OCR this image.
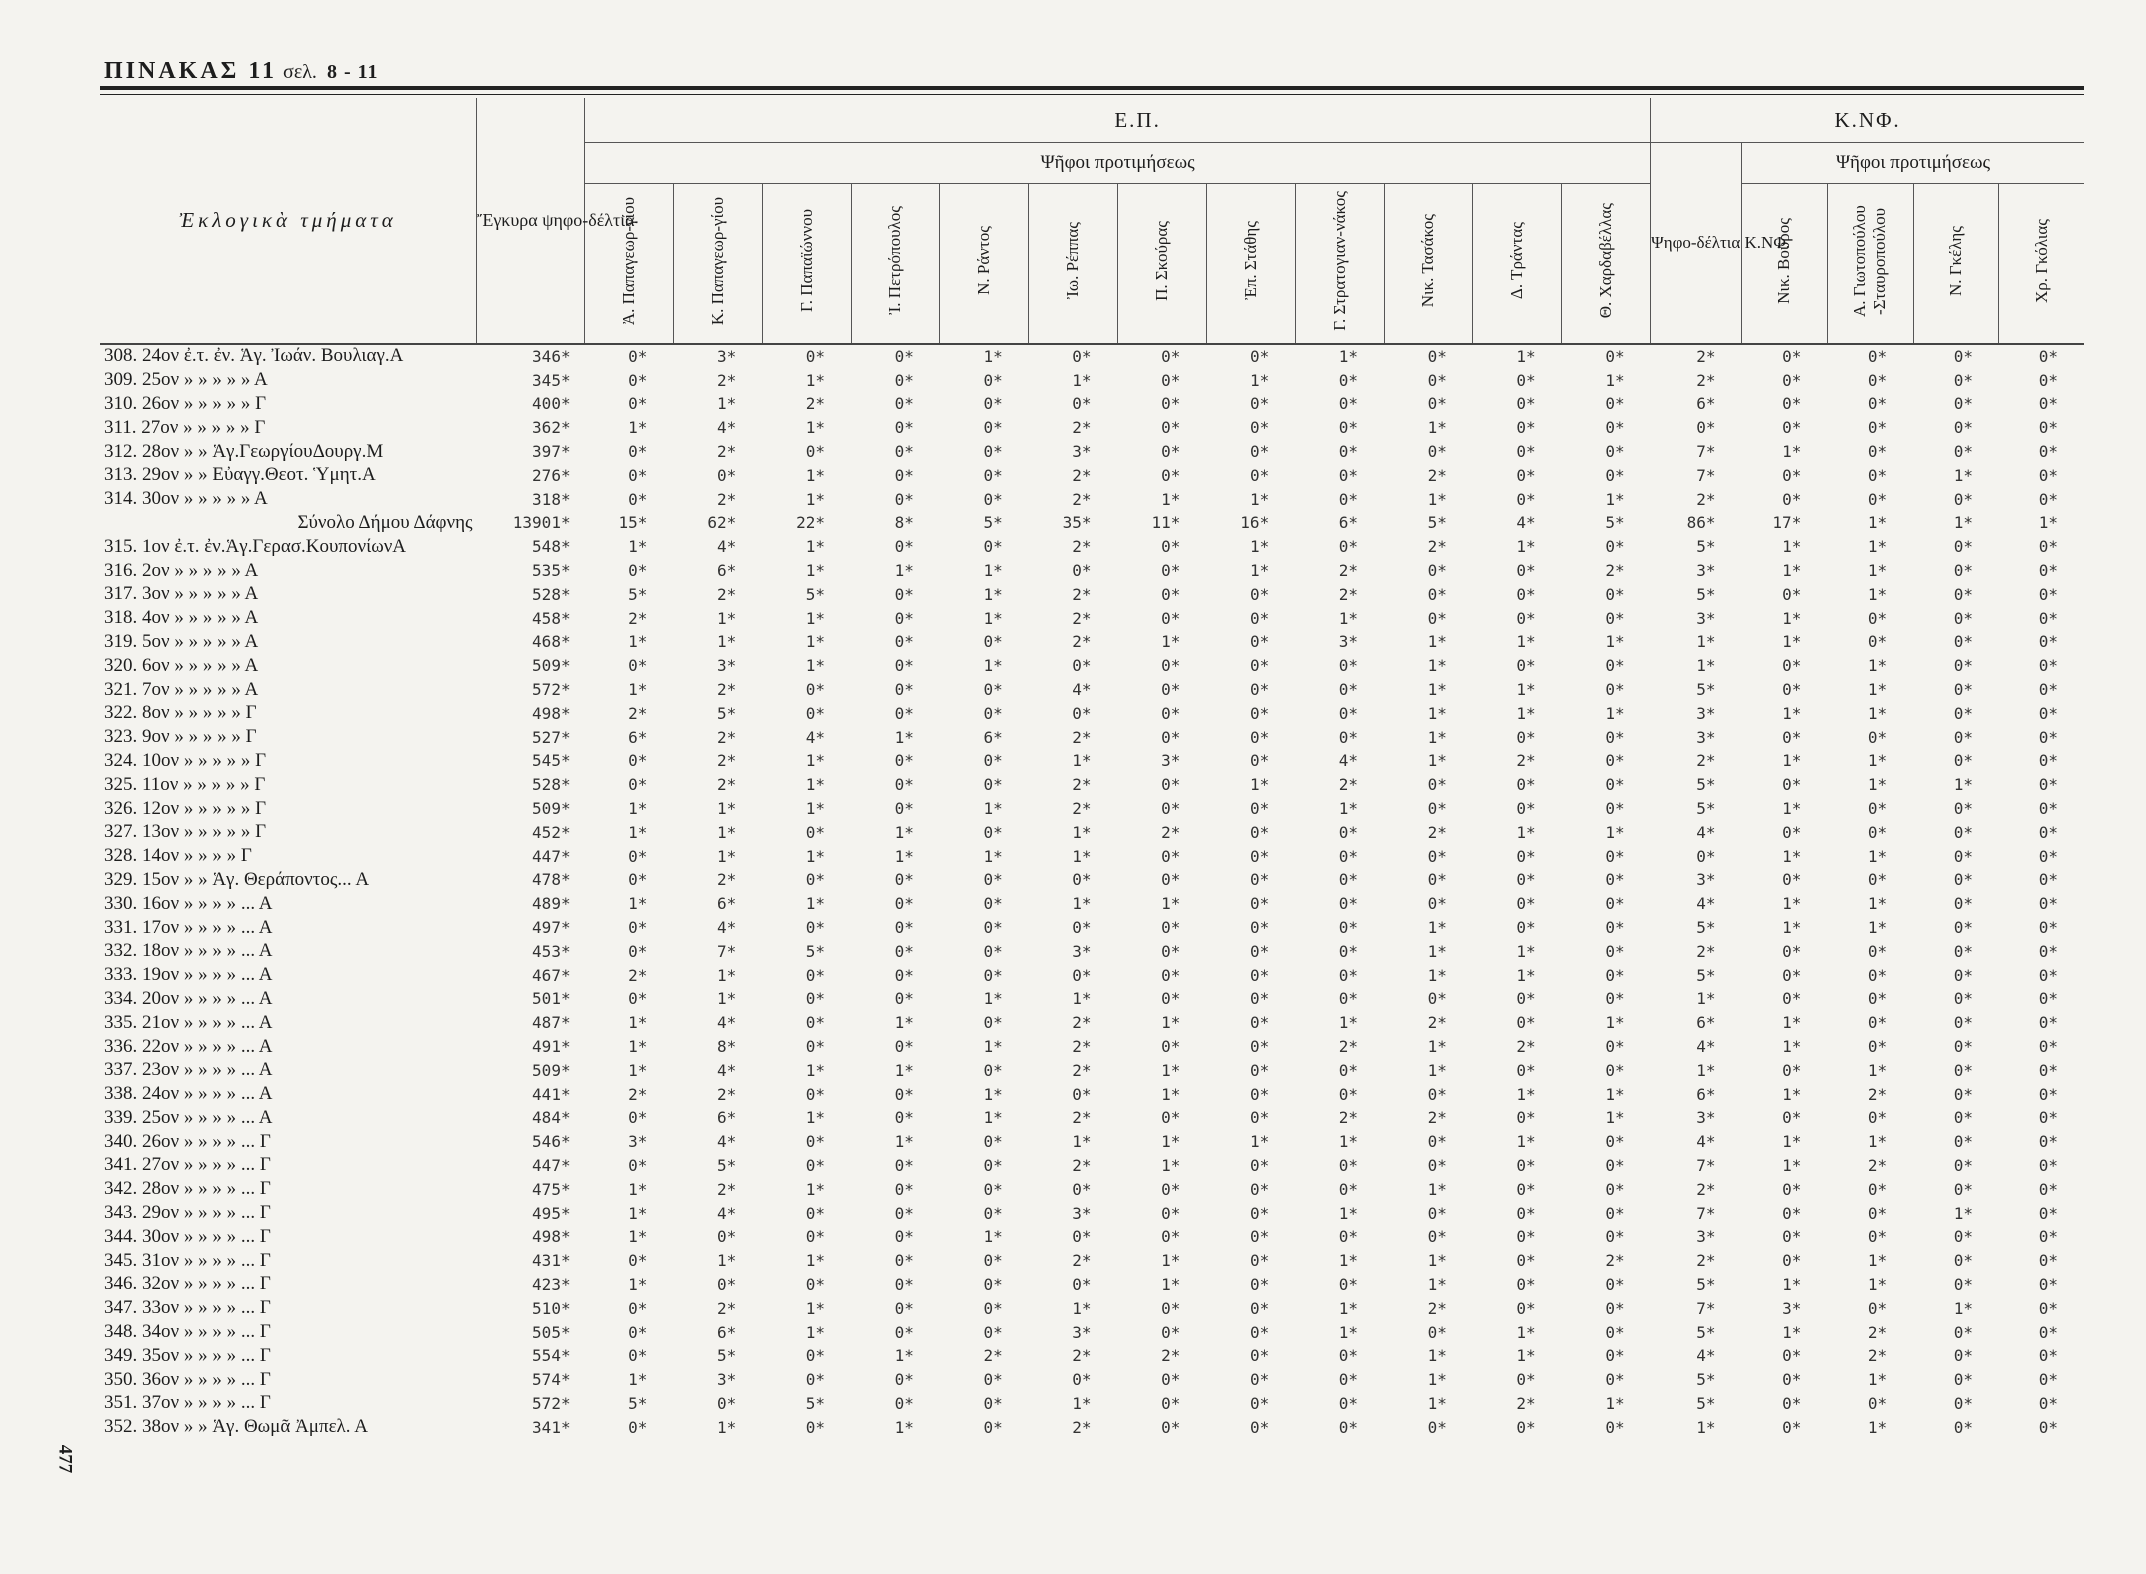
ΠΙΝΑΚΑΣ 11 σελ. 8 - 11
Ἐκλογικὰ τμήματα	Ἔγκυρα ψηφο-δέλτια	Ε.Π.												Κ.ΝΦ.				
		Ψῆφοι προτιμήσεως												Ψηφο-δέλτια Κ.ΝΦ.	Ψῆφοι προτιμήσεως			
		Ἀ. Παπαγεωρ-γίου	Κ. Παπαγεωρ-γίου	Γ. Παπαϊώννου	Ἰ. Πετρόπουλος	Ν. Ράντος	Ἰω. Ρέππας	Π. Σκούρας	Ἐπ. Στάθης	Γ. Στρατογιαν-νάκος	Νικ. Τασάκος	Δ. Τράντας	Θ. Χαρδαβέλλας		Νικ. Βοῦρος	Α. Γιωτοπούλου -Σταυροπούλου	Ν. Γκέλης	Χρ. Γκόλιας
308. 24ον ἐ.τ. ἐν. Ἁγ. Ἰωάν. Βουλιαγ.Α	346*	0*	3*	0*	0*	1*	0*	0*	0*	1*	0*	1*	0*	2*	0*	0*	0*	0*
309. 25ον » » » » » Α	345*	0*	2*	1*	0*	0*	1*	0*	1*	0*	0*	0*	1*	2*	0*	0*	0*	0*
310. 26ον » » » » » Γ	400*	0*	1*	2*	0*	0*	0*	0*	0*	0*	0*	0*	0*	6*	0*	0*	0*	0*
311. 27ον » » » » » Γ	362*	1*	4*	1*	0*	0*	2*	0*	0*	0*	1*	0*	0*	0*	0*	0*	0*	0*
312. 28ον » » Ἁγ.ΓεωργίουΔουργ.Μ	397*	0*	2*	0*	0*	0*	3*	0*	0*	0*	0*	0*	0*	7*	1*	0*	0*	0*
313. 29ον » » Εὐαγγ.Θεοτ. Ὑμητ.Α	276*	0*	0*	1*	0*	0*	2*	0*	0*	0*	2*	0*	0*	7*	0*	0*	1*	0*
314. 30ον » » » » » Α	318*	0*	2*	1*	0*	0*	2*	1*	1*	0*	1*	0*	1*	2*	0*	0*	0*	0*
Σύνολο Δήμου Δάφνης	13901*	15*	62*	22*	8*	5*	35*	11*	16*	6*	5*	4*	5*	86*	17*	1*	1*	1*
315. 1ον ἐ.τ. ἐν.Ἁγ.Γερασ.ΚουπονίωνΑ	548*	1*	4*	1*	0*	0*	2*	0*	1*	0*	2*	1*	0*	5*	1*	1*	0*	0*
316. 2ον » » » » » Α	535*	0*	6*	1*	1*	1*	0*	0*	1*	2*	0*	0*	2*	3*	1*	1*	0*	0*
317. 3ον » » » » » Α	528*	5*	2*	5*	0*	1*	2*	0*	0*	2*	0*	0*	0*	5*	0*	1*	0*	0*
318. 4ον » » » » » Α	458*	2*	1*	1*	0*	1*	2*	0*	0*	1*	0*	0*	0*	3*	1*	0*	0*	0*
319. 5ον » » » » » Α	468*	1*	1*	1*	0*	0*	2*	1*	0*	3*	1*	1*	1*	1*	1*	0*	0*	0*
320. 6ον » » » » » Α	509*	0*	3*	1*	0*	1*	0*	0*	0*	0*	1*	0*	0*	1*	0*	1*	0*	0*
321. 7ον » » » » » Α	572*	1*	2*	0*	0*	0*	4*	0*	0*	0*	1*	1*	0*	5*	0*	1*	0*	0*
322. 8ον » » » » » Γ	498*	2*	5*	0*	0*	0*	0*	0*	0*	0*	1*	1*	1*	3*	1*	1*	0*	0*
323. 9ον » » » » » Γ	527*	6*	2*	4*	1*	6*	2*	0*	0*	0*	1*	0*	0*	3*	0*	0*	0*	0*
324. 10ον » » » » » Γ	545*	0*	2*	1*	0*	0*	1*	3*	0*	4*	1*	2*	0*	2*	1*	1*	0*	0*
325. 11ον » » » » » Γ	528*	0*	2*	1*	0*	0*	2*	0*	1*	2*	0*	0*	0*	5*	0*	1*	1*	0*
326. 12ον » » » » » Γ	509*	1*	1*	1*	0*	1*	2*	0*	0*	1*	0*	0*	0*	5*	1*	0*	0*	0*
327. 13ον » » » » » Γ	452*	1*	1*	0*	1*	0*	1*	2*	0*	0*	2*	1*	1*	4*	0*	0*	0*	0*
328. 14ον » » » » Γ	447*	0*	1*	1*	1*	1*	1*	0*	0*	0*	0*	0*	0*	0*	1*	1*	0*	0*
329. 15ον » » Ἁγ. Θεράποντος... Α	478*	0*	2*	0*	0*	0*	0*	0*	0*	0*	0*	0*	0*	3*	0*	0*	0*	0*
330. 16ον » » » » ... Α	489*	1*	6*	1*	0*	0*	1*	1*	0*	0*	0*	0*	0*	4*	1*	1*	0*	0*
331. 17ον » » » » ... Α	497*	0*	4*	0*	0*	0*	0*	0*	0*	0*	1*	0*	0*	5*	1*	1*	0*	0*
332. 18ον » » » » ... Α	453*	0*	7*	5*	0*	0*	3*	0*	0*	0*	1*	1*	0*	2*	0*	0*	0*	0*
333. 19ον » » » » ... Α	467*	2*	1*	0*	0*	0*	0*	0*	0*	0*	1*	1*	0*	5*	0*	0*	0*	0*
334. 20ον » » » » ... Α	501*	0*	1*	0*	0*	1*	1*	0*	0*	0*	0*	0*	0*	1*	0*	0*	0*	0*
335. 21ον » » » » ... Α	487*	1*	4*	0*	1*	0*	2*	1*	0*	1*	2*	0*	1*	6*	1*	0*	0*	0*
336. 22ον » » » » ... Α	491*	1*	8*	0*	0*	1*	2*	0*	0*	2*	1*	2*	0*	4*	1*	0*	0*	0*
337. 23ον » » » » ... Α	509*	1*	4*	1*	1*	0*	2*	1*	0*	0*	1*	0*	0*	1*	0*	1*	0*	0*
338. 24ον » » » » ... Α	441*	2*	2*	0*	0*	1*	0*	1*	0*	0*	0*	1*	1*	6*	1*	2*	0*	0*
339. 25ον » » » » ... Α	484*	0*	6*	1*	0*	1*	2*	0*	0*	2*	2*	0*	1*	3*	0*	0*	0*	0*
340. 26ον » » » » ... Γ	546*	3*	4*	0*	1*	0*	1*	1*	1*	1*	0*	1*	0*	4*	1*	1*	0*	0*
341. 27ον » » » » ... Γ	447*	0*	5*	0*	0*	0*	2*	1*	0*	0*	0*	0*	0*	7*	1*	2*	0*	0*
342. 28ον » » » » ... Γ	475*	1*	2*	1*	0*	0*	0*	0*	0*	0*	1*	0*	0*	2*	0*	0*	0*	0*
343. 29ον » » » » ... Γ	495*	1*	4*	0*	0*	0*	3*	0*	0*	1*	0*	0*	0*	7*	0*	0*	1*	0*
344. 30ον » » » » ... Γ	498*	1*	0*	0*	0*	1*	0*	0*	0*	0*	0*	0*	0*	3*	0*	0*	0*	0*
345. 31ον » » » » ... Γ	431*	0*	1*	1*	0*	0*	2*	1*	0*	1*	1*	0*	2*	2*	0*	1*	0*	0*
346. 32ον » » » » ... Γ	423*	1*	0*	0*	0*	0*	0*	1*	0*	0*	1*	0*	0*	5*	1*	1*	0*	0*
347. 33ον » » » » ... Γ	510*	0*	2*	1*	0*	0*	1*	0*	0*	1*	2*	0*	0*	7*	3*	0*	1*	0*
348. 34ον » » » » ... Γ	505*	0*	6*	1*	0*	0*	3*	0*	0*	1*	0*	1*	0*	5*	1*	2*	0*	0*
349. 35ον » » » » ... Γ	554*	0*	5*	0*	1*	2*	2*	2*	0*	0*	1*	1*	0*	4*	0*	2*	0*	0*
350. 36ον » » » » ... Γ	574*	1*	3*	0*	0*	0*	0*	0*	0*	0*	1*	0*	0*	5*	0*	1*	0*	0*
351. 37ον » » » » ... Γ	572*	5*	0*	5*	0*	0*	1*	0*	0*	0*	1*	2*	1*	5*	0*	0*	0*	0*
352. 38ον » » Ἁγ. Θωμᾶ Ἀμπελ. Α	341*	0*	1*	0*	1*	0*	2*	0*	0*	0*	0*	0*	0*	1*	0*	1*	0*	0*
477
